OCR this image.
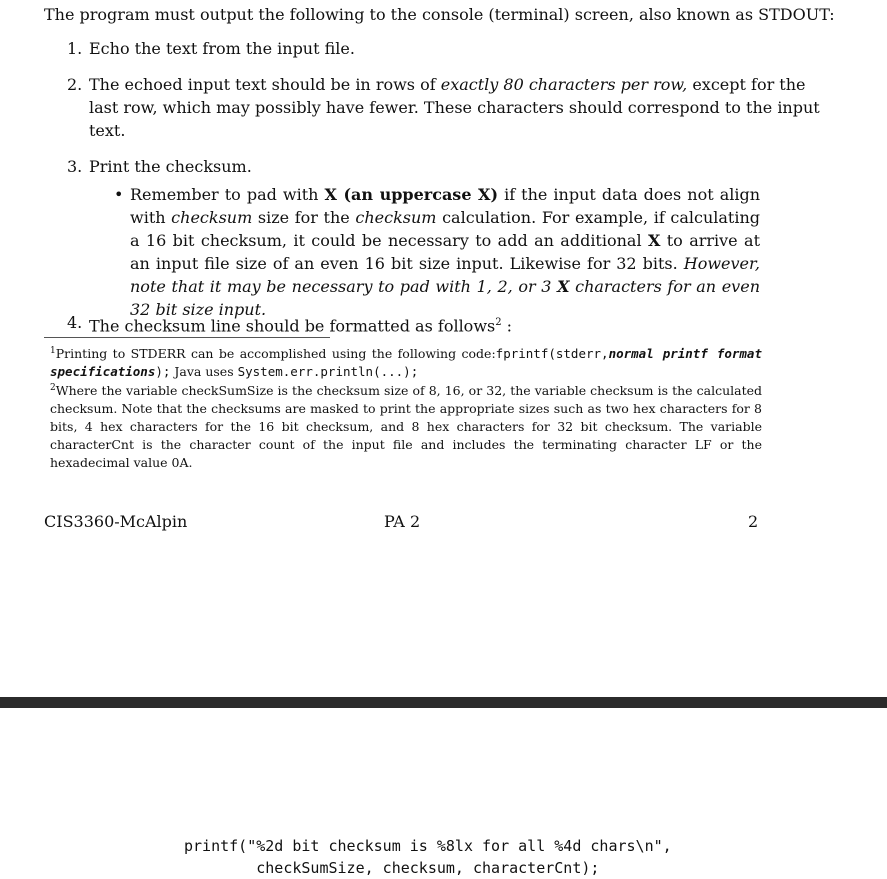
The program must output the following to the console (terminal) screen, also known as STDOUT:
1. Echo the text from the input file.
2. The echoed input text should be in rows of exactly 80 characters per row, except for the
last row, which may possibly have fewer. These characters should correspond to the input
text.
3. Print the checksum.
• Remember to pad with X (an uppercase X) if the input data does not align with checksum size for the checksum calculation. For example, if calculating a 16 bit checksum, it could be necessary to add an additional X to arrive at an input file size of an even 16 bit size input. Likewise for 32 bits. However, note that it may be necessary to pad with 1, 2, or 3 X characters for an even 32 bit size input.
4. The checksum line should be formatted as follows$^2$ :
$^1$Printing to STDERR can be accomplished using the following code:fprintf(stderr,normal printf format specifications); Java uses System.err.println(...);
$^2$Where the variable checkSumSize is the checksum size of 8, 16, or 32, the variable checksum is the calculated checksum. Note that the checksums are masked to print the appropriate sizes such as two hex characters for 8 bits, 4 hex characters for the 16 bit checksum, and 8 hex characters for 32 bit checksum. The variable characterCnt is the character count of the input file and includes the terminating character LF or the hexadecimal value 0A.
CIS3360-McAlpin	PA 2	2
printf("%2d bit checksum is %8lx for all %4d chars\n",
checkSumSize, checksum, characterCnt);
